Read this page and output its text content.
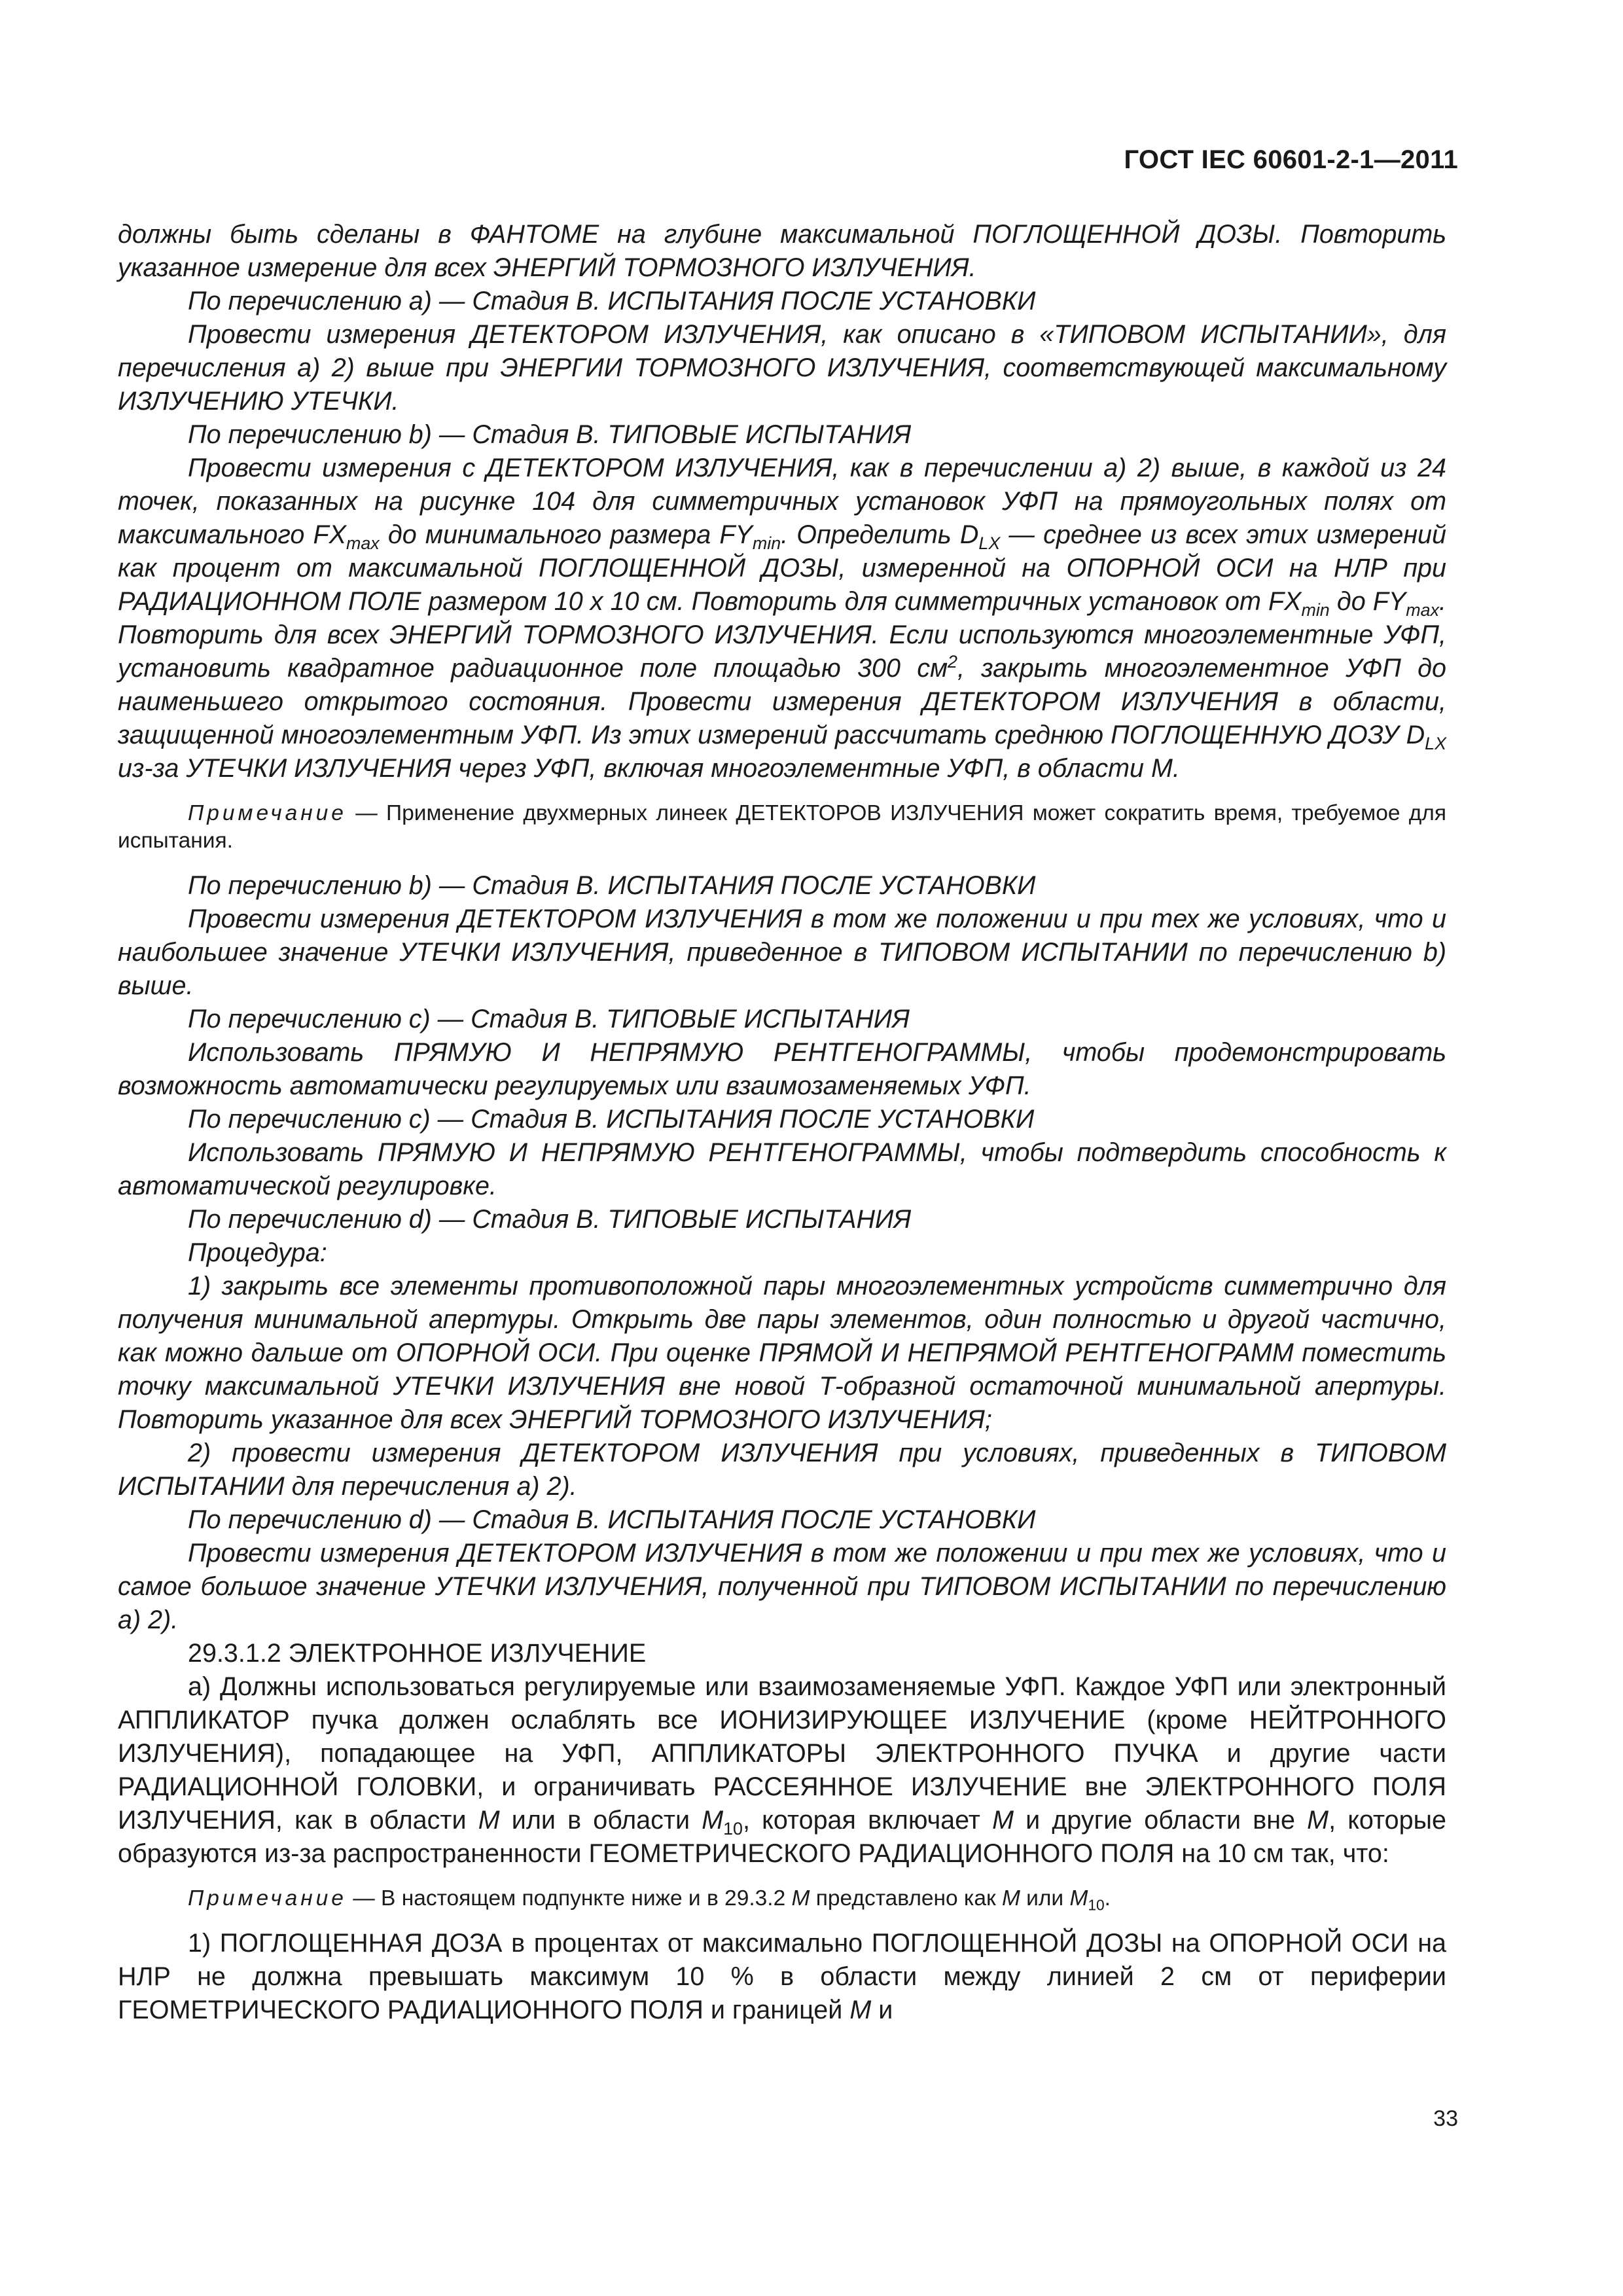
ГОСТ IEC 60601-2-1—2011

должны быть сделаны в ФАНТОМЕ на глубине максимальной ПОГЛОЩЕННОЙ ДОЗЫ. Повторить указанное измерение для всех ЭНЕРГИЙ ТОРМОЗНОГО ИЗЛУЧЕНИЯ.

По перечислению a) — Стадия В. ИСПЫТАНИЯ ПОСЛЕ УСТАНОВКИ

Провести измерения ДЕТЕКТОРОМ ИЗЛУЧЕНИЯ, как описано в «ТИПОВОМ ИСПЫТАНИИ», для перечисления a) 2) выше при ЭНЕРГИИ ТОРМОЗНОГО ИЗЛУЧЕНИЯ, соответствующей максимальному ИЗЛУЧЕНИЮ УТЕЧКИ.

По перечислению b) — Стадия В. ТИПОВЫЕ ИСПЫТАНИЯ

Провести измерения с ДЕТЕКТОРОМ ИЗЛУЧЕНИЯ, как в перечислении a) 2) выше, в каждой из 24 точек, показанных на рисунке 104 для симметричных установок УФП на прямоугольных полях от максимального $FX_{max}$ до минимального размера $FY_{min}$. Определить $D_{LX}$ — среднее из всех этих измерений как процент от максимальной ПОГЛОЩЕННОЙ ДОЗЫ, измеренной на ОПОРНОЙ ОСИ на НЛР при РАДИАЦИОННОМ ПОЛЕ размером 10 х 10 см. Повторить для симметричных установок от $FX_{min}$ до $FY_{max}$. Повторить для всех ЭНЕРГИЙ ТОРМОЗНОГО ИЗЛУЧЕНИЯ. Если используются многоэлементные УФП, установить квадратное радиационное поле площадью 300 $см^2$, закрыть многоэлементное УФП до наименьшего открытого состояния. Провести измерения ДЕТЕКТОРОМ ИЗЛУЧЕНИЯ в области, защищенной многоэлементным УФП. Из этих измерений рассчитать среднюю ПОГЛОЩЕННУЮ ДОЗУ $D_{LX}$ из-за УТЕЧКИ ИЗЛУЧЕНИЯ через УФП, включая многоэлементные УФП, в области M.

Примечание — Применение двухмерных линеек ДЕТЕКТОРОВ ИЗЛУЧЕНИЯ может сократить время, требуемое для испытания.

По перечислению b) — Стадия В. ИСПЫТАНИЯ ПОСЛЕ УСТАНОВКИ

Провести измерения ДЕТЕКТОРОМ ИЗЛУЧЕНИЯ в том же положении и при тех же условиях, что и наибольшее значение УТЕЧКИ ИЗЛУЧЕНИЯ, приведенное в ТИПОВОМ ИСПЫТАНИИ по перечислению b) выше.

По перечислению c) — Стадия В. ТИПОВЫЕ ИСПЫТАНИЯ

Использовать ПРЯМУЮ И НЕПРЯМУЮ РЕНТГЕНОГРАММЫ, чтобы продемонстрировать возможность автоматически регулируемых или взаимозаменяемых УФП.

По перечислению c) — Стадия В. ИСПЫТАНИЯ ПОСЛЕ УСТАНОВКИ

Использовать ПРЯМУЮ И НЕПРЯМУЮ РЕНТГЕНОГРАММЫ, чтобы подтвердить способность к автоматической регулировке.

По перечислению d) — Стадия В. ТИПОВЫЕ ИСПЫТАНИЯ

Процедура:

1) закрыть все элементы противоположной пары многоэлементных устройств симметрично для получения минимальной апертуры. Открыть две пары элементов, один полностью и другой частично, как можно дальше от ОПОРНОЙ ОСИ. При оценке ПРЯМОЙ И НЕПРЯМОЙ РЕНТГЕНОГРАММ поместить точку максимальной УТЕЧКИ ИЗЛУЧЕНИЯ вне новой Т-образной остаточной минимальной апертуры. Повторить указанное для всех ЭНЕРГИЙ ТОРМОЗНОГО ИЗЛУЧЕНИЯ;

2) провести измерения ДЕТЕКТОРОМ ИЗЛУЧЕНИЯ при условиях, приведенных в ТИПОВОМ ИСПЫТАНИИ для перечисления a) 2).

По перечислению d) — Стадия В. ИСПЫТАНИЯ ПОСЛЕ УСТАНОВКИ

Провести измерения ДЕТЕКТОРОМ ИЗЛУЧЕНИЯ в том же положении и при тех же условиях, что и самое большое значение УТЕЧКИ ИЗЛУЧЕНИЯ, полученной при ТИПОВОМ ИСПЫТАНИИ по перечислению a) 2).

29.3.1.2 ЭЛЕКТРОННОЕ ИЗЛУЧЕНИЕ

a) Должны использоваться регулируемые или взаимозаменяемые УФП. Каждое УФП или электронный АППЛИКАТОР пучка должен ослаблять все ИОНИЗИРУЮЩЕЕ ИЗЛУЧЕНИЕ (кроме НЕЙТРОННОГО ИЗЛУЧЕНИЯ), попадающее на УФП, АППЛИКАТОРЫ ЭЛЕКТРОННОГО ПУЧКА и другие части РАДИАЦИОННОЙ ГОЛОВКИ, и ограничивать РАССЕЯННОЕ ИЗЛУЧЕНИЕ вне ЭЛЕКТРОННОГО ПОЛЯ ИЗЛУЧЕНИЯ, как в области M или в области $M_{10}$, которая включает M и другие области вне M, которые образуются из-за распространенности ГЕОМЕТРИЧЕСКОГО РАДИАЦИОННОГО ПОЛЯ на 10 см так, что:

Примечание — В настоящем подпункте ниже и в 29.3.2 M представлено как M или $M_{10}$.

1) ПОГЛОЩЕННАЯ ДОЗА в процентах от максимально ПОГЛОЩЕННОЙ ДОЗЫ на ОПОРНОЙ ОСИ на НЛР не должна превышать максимум 10 % в области между линией 2 см от периферии ГЕОМЕТРИЧЕСКОГО РАДИАЦИОННОГО ПОЛЯ и границей M и

33
